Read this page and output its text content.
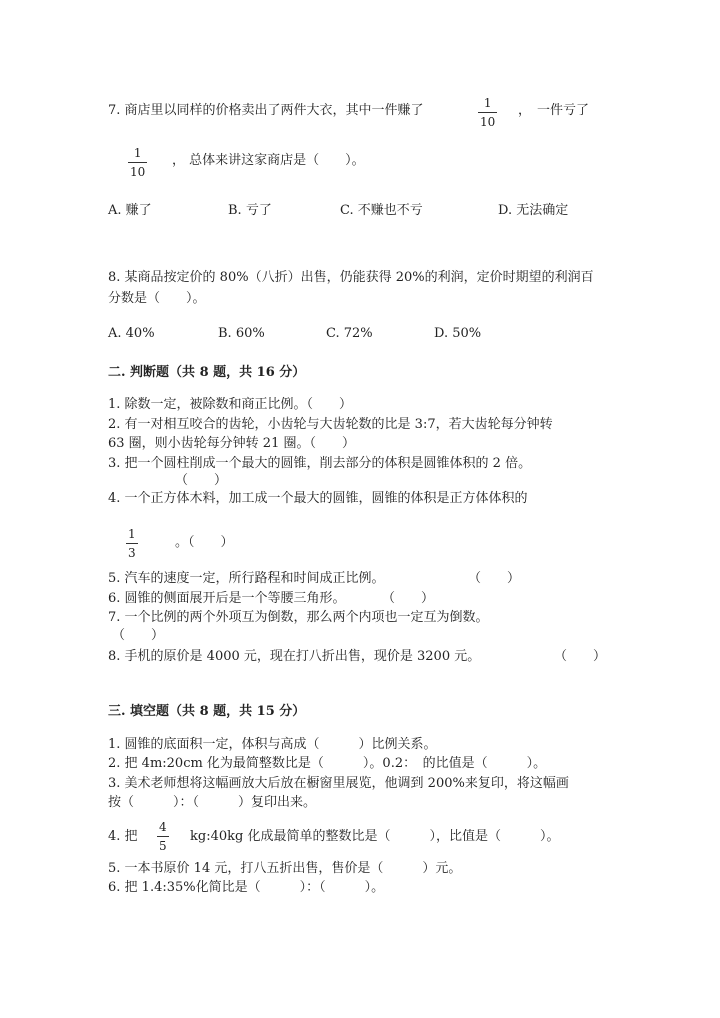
7. 商店里以同样的价格卖出了两件大衣，其中一件赚了	1
10
， 一件亏了
1
10
， 总体来讲这家商店是（　　）。
A. 赚了	B. 亏了	C. 不赚也不亏	D. 无法确定
8. 某商品按定价的 80%（八折）出售，仍能获得 20%的利润，定价时期望的利润百
分数是（　　）。
A. 40%	B. 60%	C. 72%	D. 50%
二. 判断题（共 8 题，共 16 分）
1. 除数一定，被除数和商正比例。（　　）
2. 有一对相互咬合的齿轮，小齿轮与大齿轮数的比是 3:7，若大齿轮每分钟转
63 圈，则小齿轮每分钟转 21 圈。（　　）
3. 把一个圆柱削成一个最大的圆锥，削去部分的体积是圆锥体积的 2 倍。
（　　）
4. 一个正方体木料，加工成一个最大的圆锥，圆锥的体积是正方体体积的
1
3
。（　　）
5. 汽车的速度一定，所行路程和时间成正比例。	（　　）
6. 圆锥的侧面展开后是一个等腰三角形。	（　　）
7. 一个比例的两个外项互为倒数，那么两个内项也一定互为倒数。
（　　）
8. 手机的原价是 4000 元，现在打八折出售，现价是 3200 元。	（　　）
三. 填空题（共 8 题，共 15 分）
1. 圆锥的底面积一定，体积与高成（　　　）比例关系。
2. 把 4m:20cm 化为最简整数比是（　　　）。0.2：　的比值是（　　　）。
3. 美术老师想将这幅画放大后放在橱窗里展览，他调到 200%来复印，将这幅画
按（　　　）：（　　　）复印出来。
4. 把
4
5
kg:40kg 化成最简单的整数比是（　　　），比值是（　　　）。
5. 一本书原价 14 元，打八五折出售，售价是（　　　）元。
6. 把 1.4:35%化简比是（　　　）：（　　　）。
